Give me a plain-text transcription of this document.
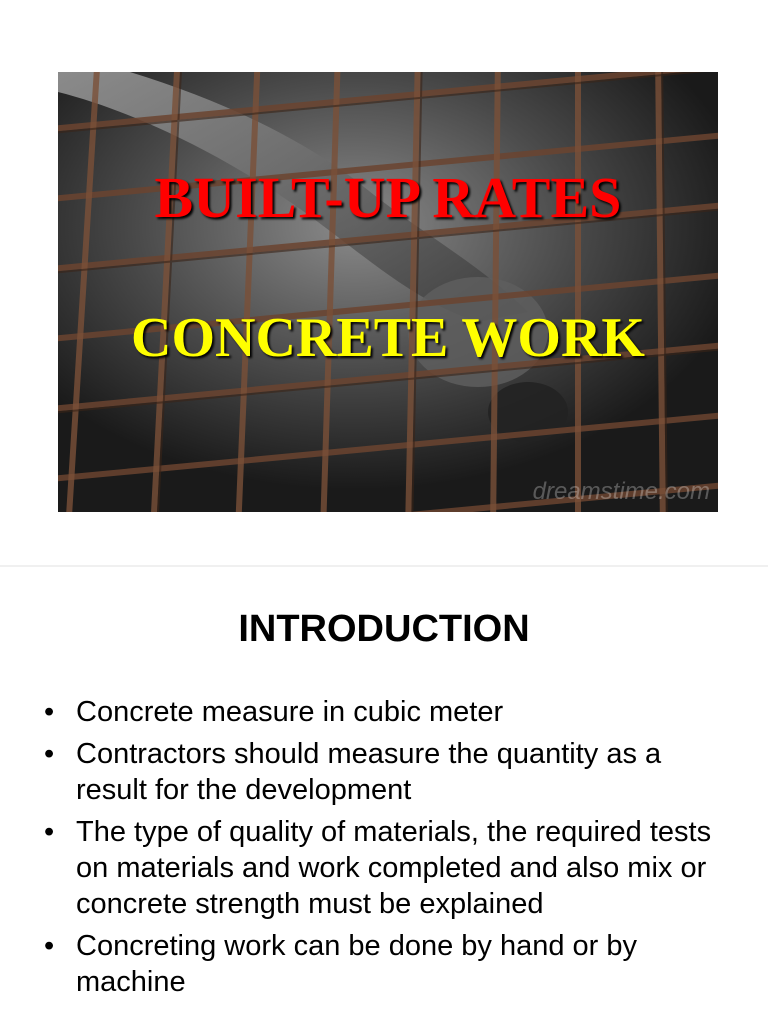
BUILT-UP RATES

CONCRETE WORK

dreamstime.com
INTRODUCTION
• Concrete measure in cubic meter
• Contractors should measure the quantity as a result for the development
• The type of quality of materials, the required tests on materials and work completed and also mix or concrete strength must be explained
• Concreting work can be done by hand or by machine
